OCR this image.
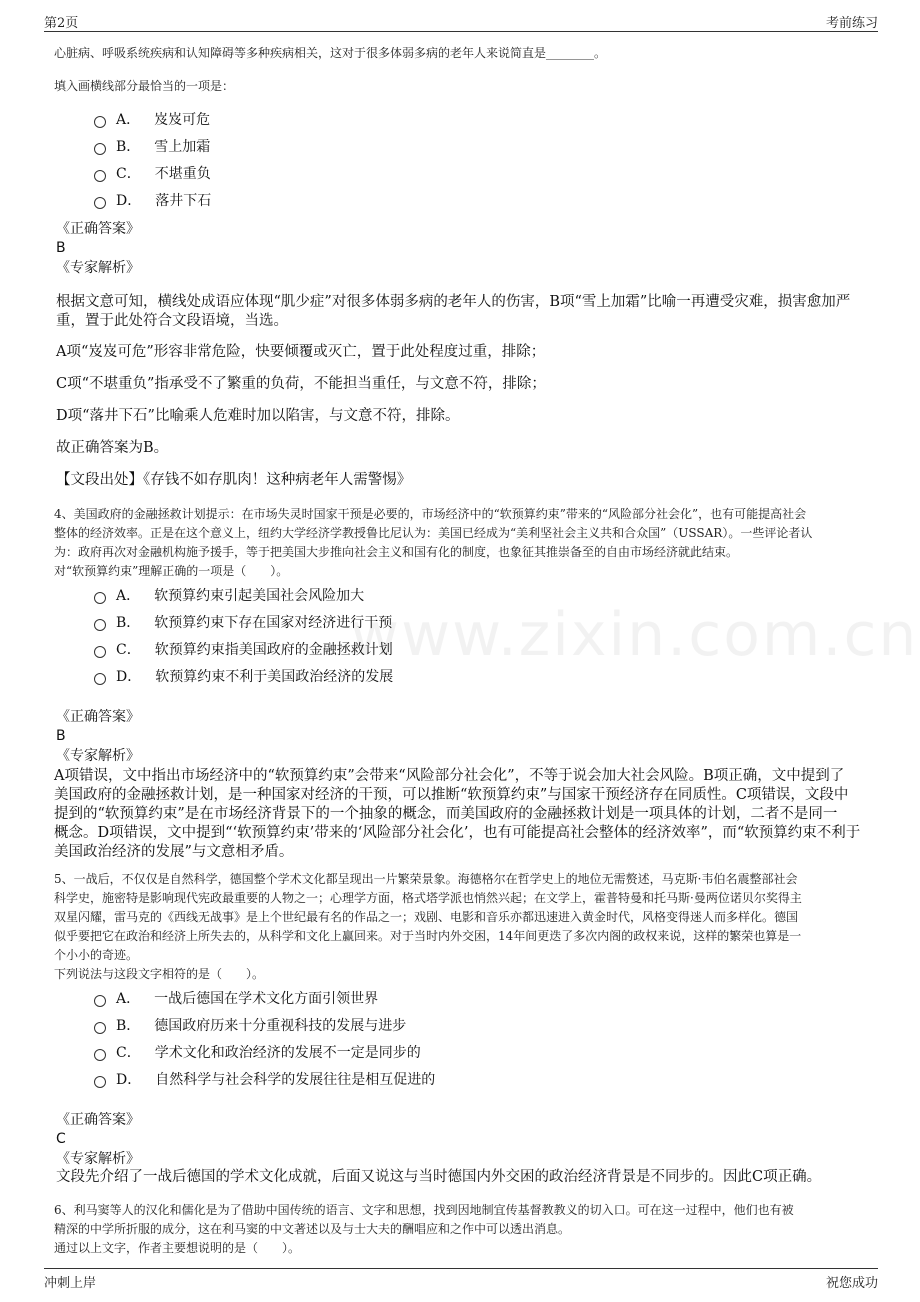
第2页	考前练习
www.zixin.com.cn
心脏病、呼吸系统疾病和认知障碍等多种疾病相关，这对于很多体弱多病的老年人来说简直是________。
填入画横线部分最恰当的一项是：
A． 岌岌可危
B． 雪上加霜
C． 不堪重负
D． 落井下石
《正确答案》
B
《专家解析》
根据文意可知，横线处成语应体现“肌少症”对很多体弱多病的老年人的伤害，B项“雪上加霜”比喻一再遭受灾难，损害愈加严
重，置于此处符合文段语境，当选。
A项“岌岌可危”形容非常危险，快要倾覆或灭亡，置于此处程度过重，排除；
C项“不堪重负”指承受不了繁重的负荷，不能担当重任，与文意不符，排除；
D项“落井下石”比喻乘人危难时加以陷害，与文意不符，排除。
故正确答案为B。
【文段出处】《存钱不如存肌肉！这种病老年人需警惕》
4、美国政府的金融拯救计划提示：在市场失灵时国家干预是必要的，市场经济中的“软预算约束”带来的“风险部分社会化”，也有可能提高社会
整体的经济效率。正是在这个意义上，纽约大学经济学教授鲁比尼认为：美国已经成为“美利坚社会主义共和合众国”（USSAR）。一些评论者认
为：政府再次对金融机构施予援手，等于把美国大步推向社会主义和国有化的制度，也象征其推崇备至的自由市场经济就此结束。
对“软预算约束”理解正确的一项是（　　）。
A． 软预算约束引起美国社会风险加大
B． 软预算约束下存在国家对经济进行干预
C． 软预算约束指美国政府的金融拯救计划
D． 软预算约束不利于美国政治经济的发展
《正确答案》
B
《专家解析》
A项错误，文中指出市场经济中的“软预算约束”会带来“风险部分社会化”，不等于说会加大社会风险。B项正确，文中提到了
美国政府的金融拯救计划，是一种国家对经济的干预，可以推断“软预算约束”与国家干预经济存在同质性。C项错误，文段中
提到的“软预算约束”是在市场经济背景下的一个抽象的概念，而美国政府的金融拯救计划是一项具体的计划，二者不是同一
概念。D项错误，文中提到“‘软预算约束’带来的‘风险部分社会化’，也有可能提高社会整体的经济效率”，而“软预算约束不利于
美国政治经济的发展”与文意相矛盾。
5、一战后，不仅仅是自然科学，德国整个学术文化都呈现出一片繁荣景象。海德格尔在哲学史上的地位无需赘述，马克斯·韦伯名震整部社会
科学史，施密特是影响现代宪政最重要的人物之一；心理学方面，格式塔学派也悄然兴起；在文学上，霍普特曼和托马斯·曼两位诺贝尔奖得主
双星闪耀，雷马克的《西线无战事》是上个世纪最有名的作品之一；戏剧、电影和音乐亦都迅速进入黄金时代，风格变得迷人而多样化。德国
似乎要把它在政治和经济上所失去的，从科学和文化上赢回来。对于当时内外交困，14年间更迭了多次内阁的政权来说，这样的繁荣也算是一
个小小的奇迹。
下列说法与这段文字相符的是（　　）。
A． 一战后德国在学术文化方面引领世界
B． 德国政府历来十分重视科技的发展与进步
C． 学术文化和政治经济的发展不一定是同步的
D． 自然科学与社会科学的发展往往是相互促进的
《正确答案》
C
《专家解析》
文段先介绍了一战后德国的学术文化成就，后面又说这与当时德国内外交困的政治经济背景是不同步的。因此C项正确。
6、利马窦等人的汉化和儒化是为了借助中国传统的语言、文字和思想，找到因地制宜传基督教教义的切入口。可在这一过程中，他们也有被
精深的中学所折服的成分，这在利马窦的中文著述以及与士大夫的酬唱应和之作中可以透出消息。
通过以上文字，作者主要想说明的是（　　）。
冲刺上岸	祝您成功
